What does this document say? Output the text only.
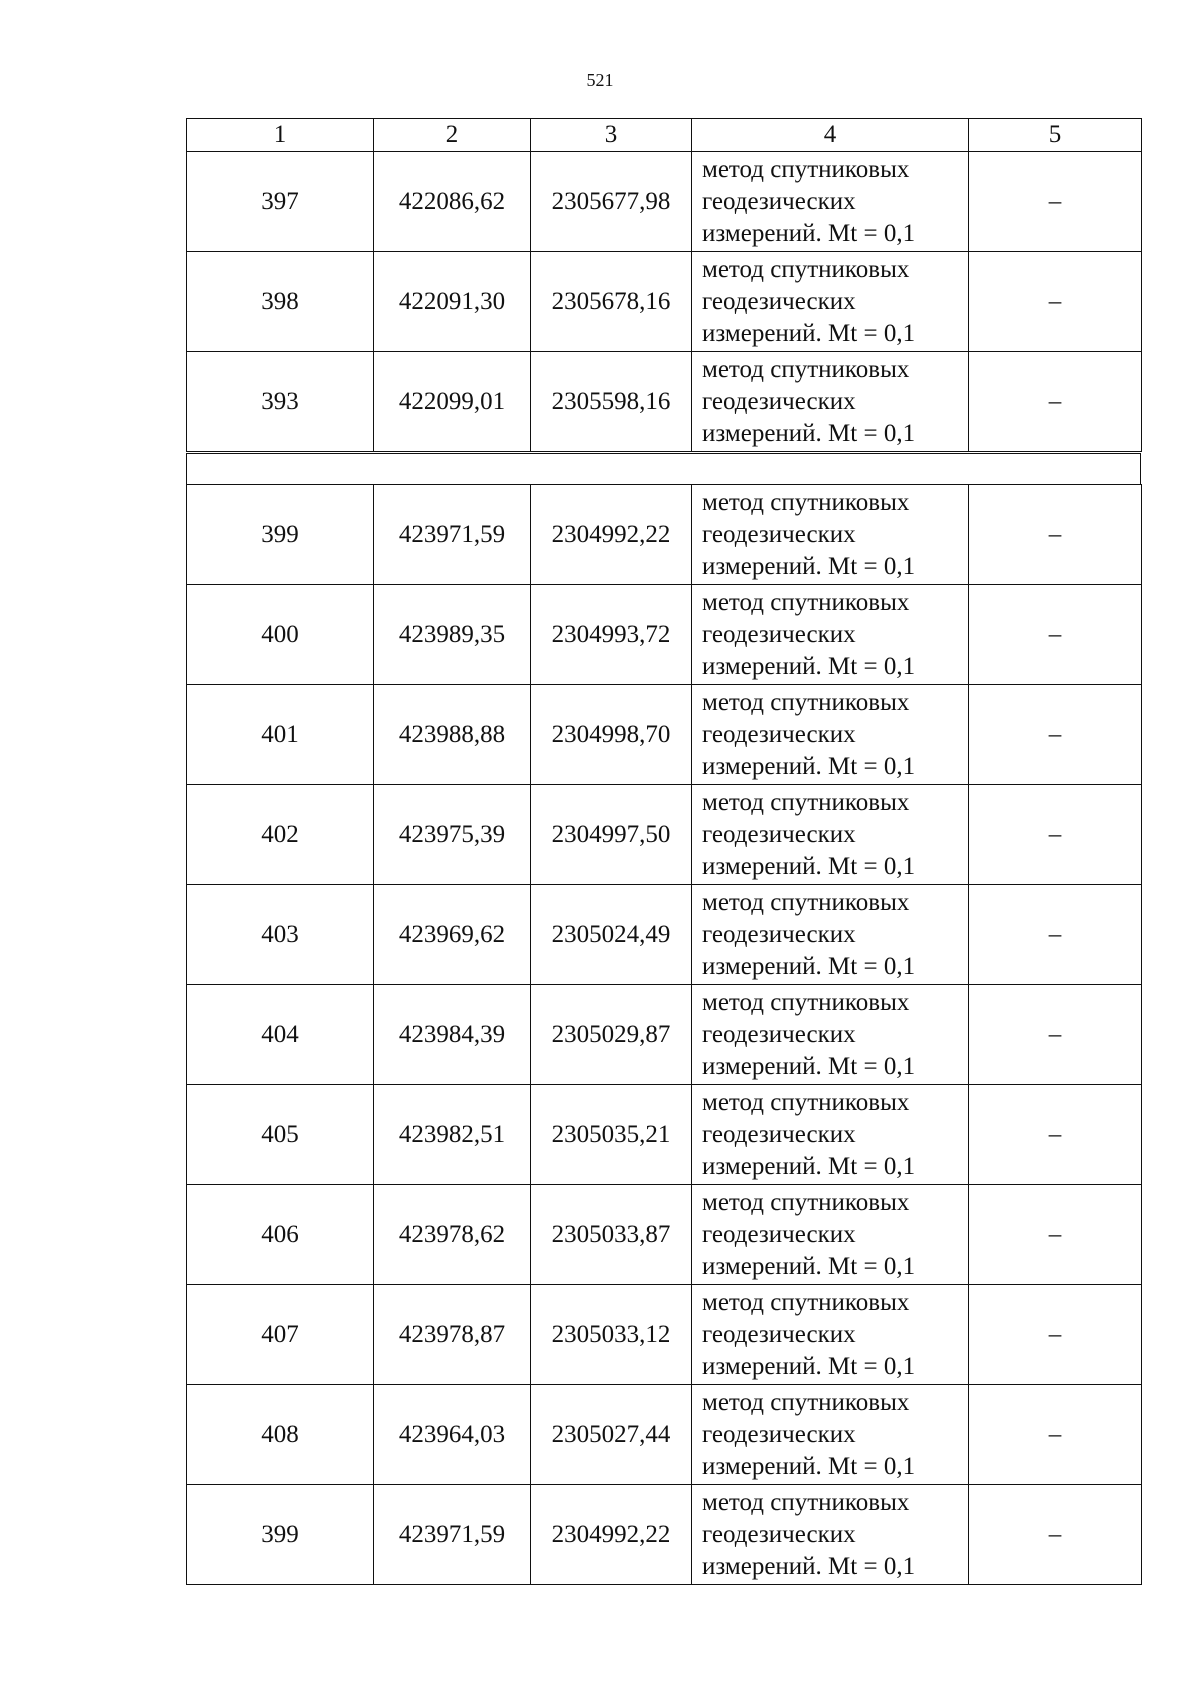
521
1	2	3	4	5
397	422086,62	2305677,98	метод спутниковых
геодезических
измерений. Mt = 0,1	–
398	422091,30	2305678,16	метод спутниковых
геодезических
измерений. Mt = 0,1	–
393	422099,01	2305598,16	метод спутниковых
геодезических
измерений. Mt = 0,1	–
399	423971,59	2304992,22	метод спутниковых
геодезических
измерений. Mt = 0,1	–
400	423989,35	2304993,72	метод спутниковых
геодезических
измерений. Mt = 0,1	–
401	423988,88	2304998,70	метод спутниковых
геодезических
измерений. Mt = 0,1	–
402	423975,39	2304997,50	метод спутниковых
геодезических
измерений. Mt = 0,1	–
403	423969,62	2305024,49	метод спутниковых
геодезических
измерений. Mt = 0,1	–
404	423984,39	2305029,87	метод спутниковых
геодезических
измерений. Mt = 0,1	–
405	423982,51	2305035,21	метод спутниковых
геодезических
измерений. Mt = 0,1	–
406	423978,62	2305033,87	метод спутниковых
геодезических
измерений. Mt = 0,1	–
407	423978,87	2305033,12	метод спутниковых
геодезических
измерений. Mt = 0,1	–
408	423964,03	2305027,44	метод спутниковых
геодезических
измерений. Mt = 0,1	–
399	423971,59	2304992,22	метод спутниковых
геодезических
измерений. Mt = 0,1	–
